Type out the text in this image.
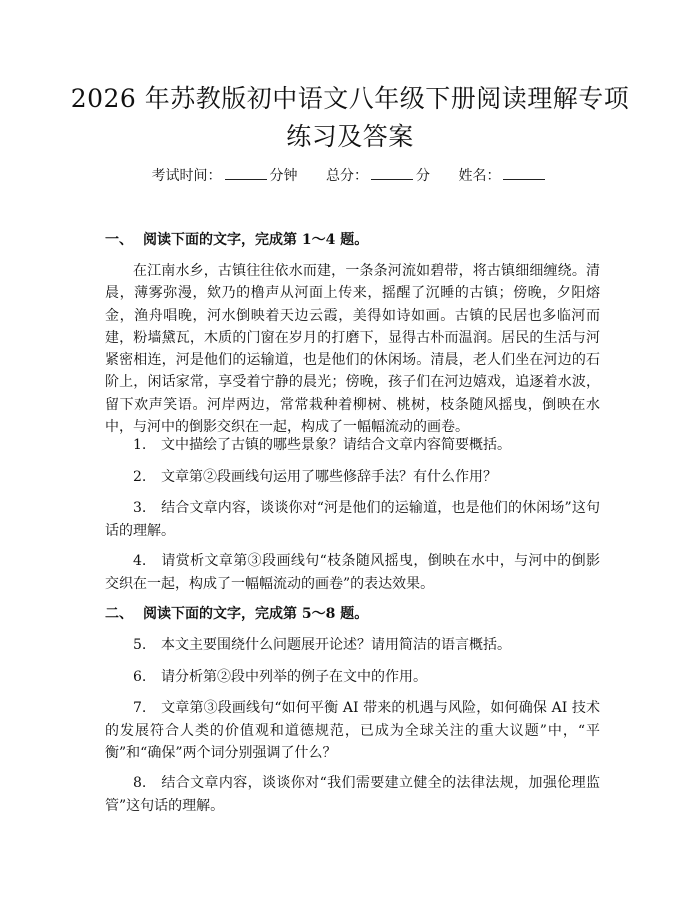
2026 年苏教版初中语文八年级下册阅读理解专项练习及答案
考试时间：	分钟 总分：	分 姓名：

一、 阅读下面的文字，完成第 1～4 题。

在江南水乡，古镇往往依水而建，一条条河流如碧带，将古镇细细缠绕。清晨，薄雾弥漫，欸乃的橹声从河面上传来，摇醒了沉睡的古镇；傍晚，夕阳熔金，渔舟唱晚，河水倒映着天边云霞，美得如诗如画。古镇的民居也多临河而建，粉墙黛瓦，木质的门窗在岁月的打磨下，显得古朴而温润。居民的生活与河紧密相连，河是他们的运输道，也是他们的休闲场。清晨，老人们坐在河边的石阶上，闲话家常，享受着宁静的晨光；傍晚，孩子们在河边嬉戏，追逐着水波，留下欢声笑语。河岸两边，常常栽种着柳树、桃树，枝条随风摇曳，倒映在水中，与河中的倒影交织在一起，构成了一幅幅流动的画卷。

1. 文中描绘了古镇的哪些景象？请结合文章内容简要概括。

2. 文章第②段画线句运用了哪些修辞手法？有什么作用？

3. 结合文章内容，谈谈你对“河是他们的运输道，也是他们的休闲场”这句话的理解。

4. 请赏析文章第③段画线句“枝条随风摇曳，倒映在水中，与河中的倒影交织在一起，构成了一幅幅流动的画卷”的表达效果。

二、 阅读下面的文字，完成第 5～8 题。

5. 本文主要围绕什么问题展开论述？请用简洁的语言概括。

6. 请分析第②段中列举的例子在文中的作用。

7. 文章第③段画线句“如何平衡 AI 带来的机遇与风险，如何确保 AI 技术的发展符合人类的价值观和道德规范，已成为全球关注的重大议题”中，“平衡”和“确保”两个词分别强调了什么？

8. 结合文章内容，谈谈你对“我们需要建立健全的法律法规，加强伦理监管”这句话的理解。
